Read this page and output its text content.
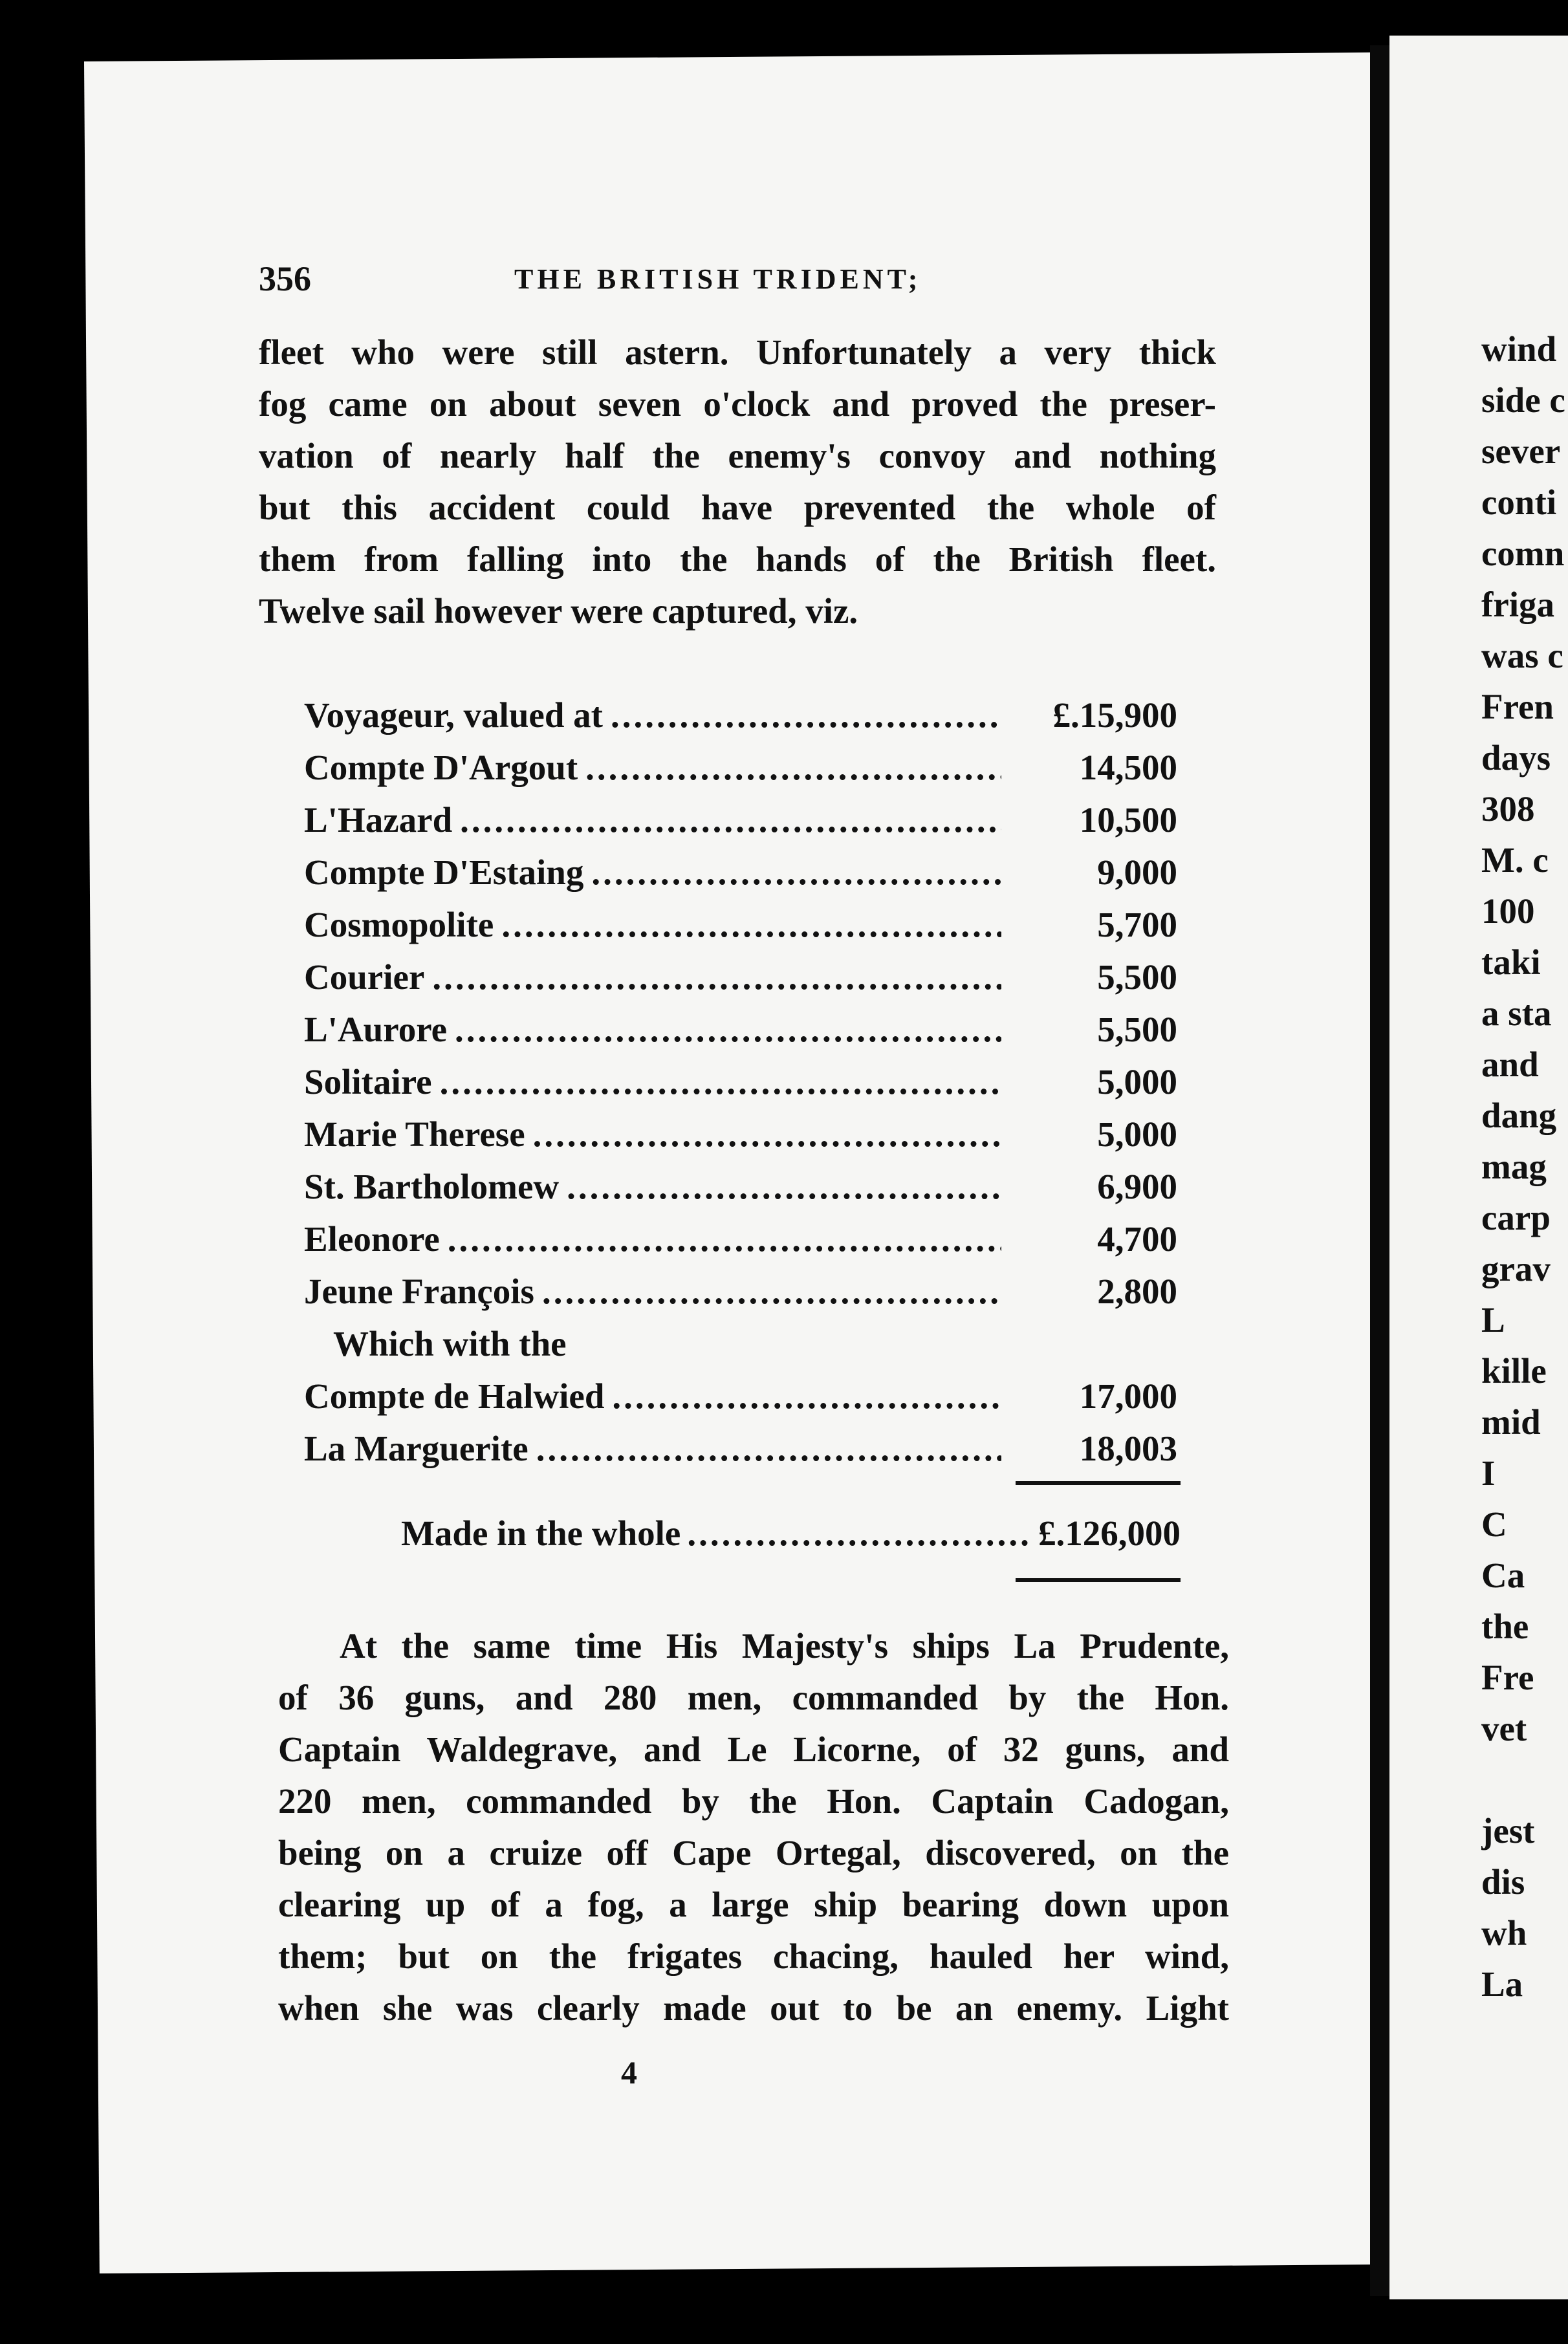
356	THE BRITISH TRIDENT;

fleet who were still astern. Unfortunately a very thick
fog came on about seven o'clock and proved the preser-
vation of nearly half the enemy's convoy and nothing
but this accident could have prevented the whole of
them from falling into the hands of the British fleet.
Twelve sail however were captured, viz.

Voyageur, valued at .....	£.15,900
Compte D'Argout .....	14,500
L'Hazard .....	10,500
Compte D'Estaing .....	9,000
Cosmopolite .....	5,700
Courier .....	5,500
L'Aurore .....	5,500
Solitaire .....	5,000
Marie Therese .....	5,000
St. Bartholomew .....	6,900
Eleonore .....	4,700
Jeune François .....	2,800
Which with the
Compte de Halwied .....	17,000
La Marguerite .....	18,003
Made in the whole .....	£.126,000

At the same time His Majesty's ships La Prudente,
of 36 guns, and 280 men, commanded by the Hon.
Captain Waldegrave, and Le Licorne, of 32 guns, and
220 men, commanded by the Hon. Captain Cadogan,
being on a cruize off Cape Ortegal, discovered, on the
clearing up of a fog, a large ship bearing down upon
them; but on the frigates chacing, hauled her wind,
when she was clearly made out to be an enemy. Light

4
wind
side c
sever
conti
comn
friga
was c
Fren
days
308
M. c
100
taki
a sta
and
dang
mag
carp
grav
L
kille
mid
I
C
Ca
the
Fre
vet

jest
dis
wh
La
